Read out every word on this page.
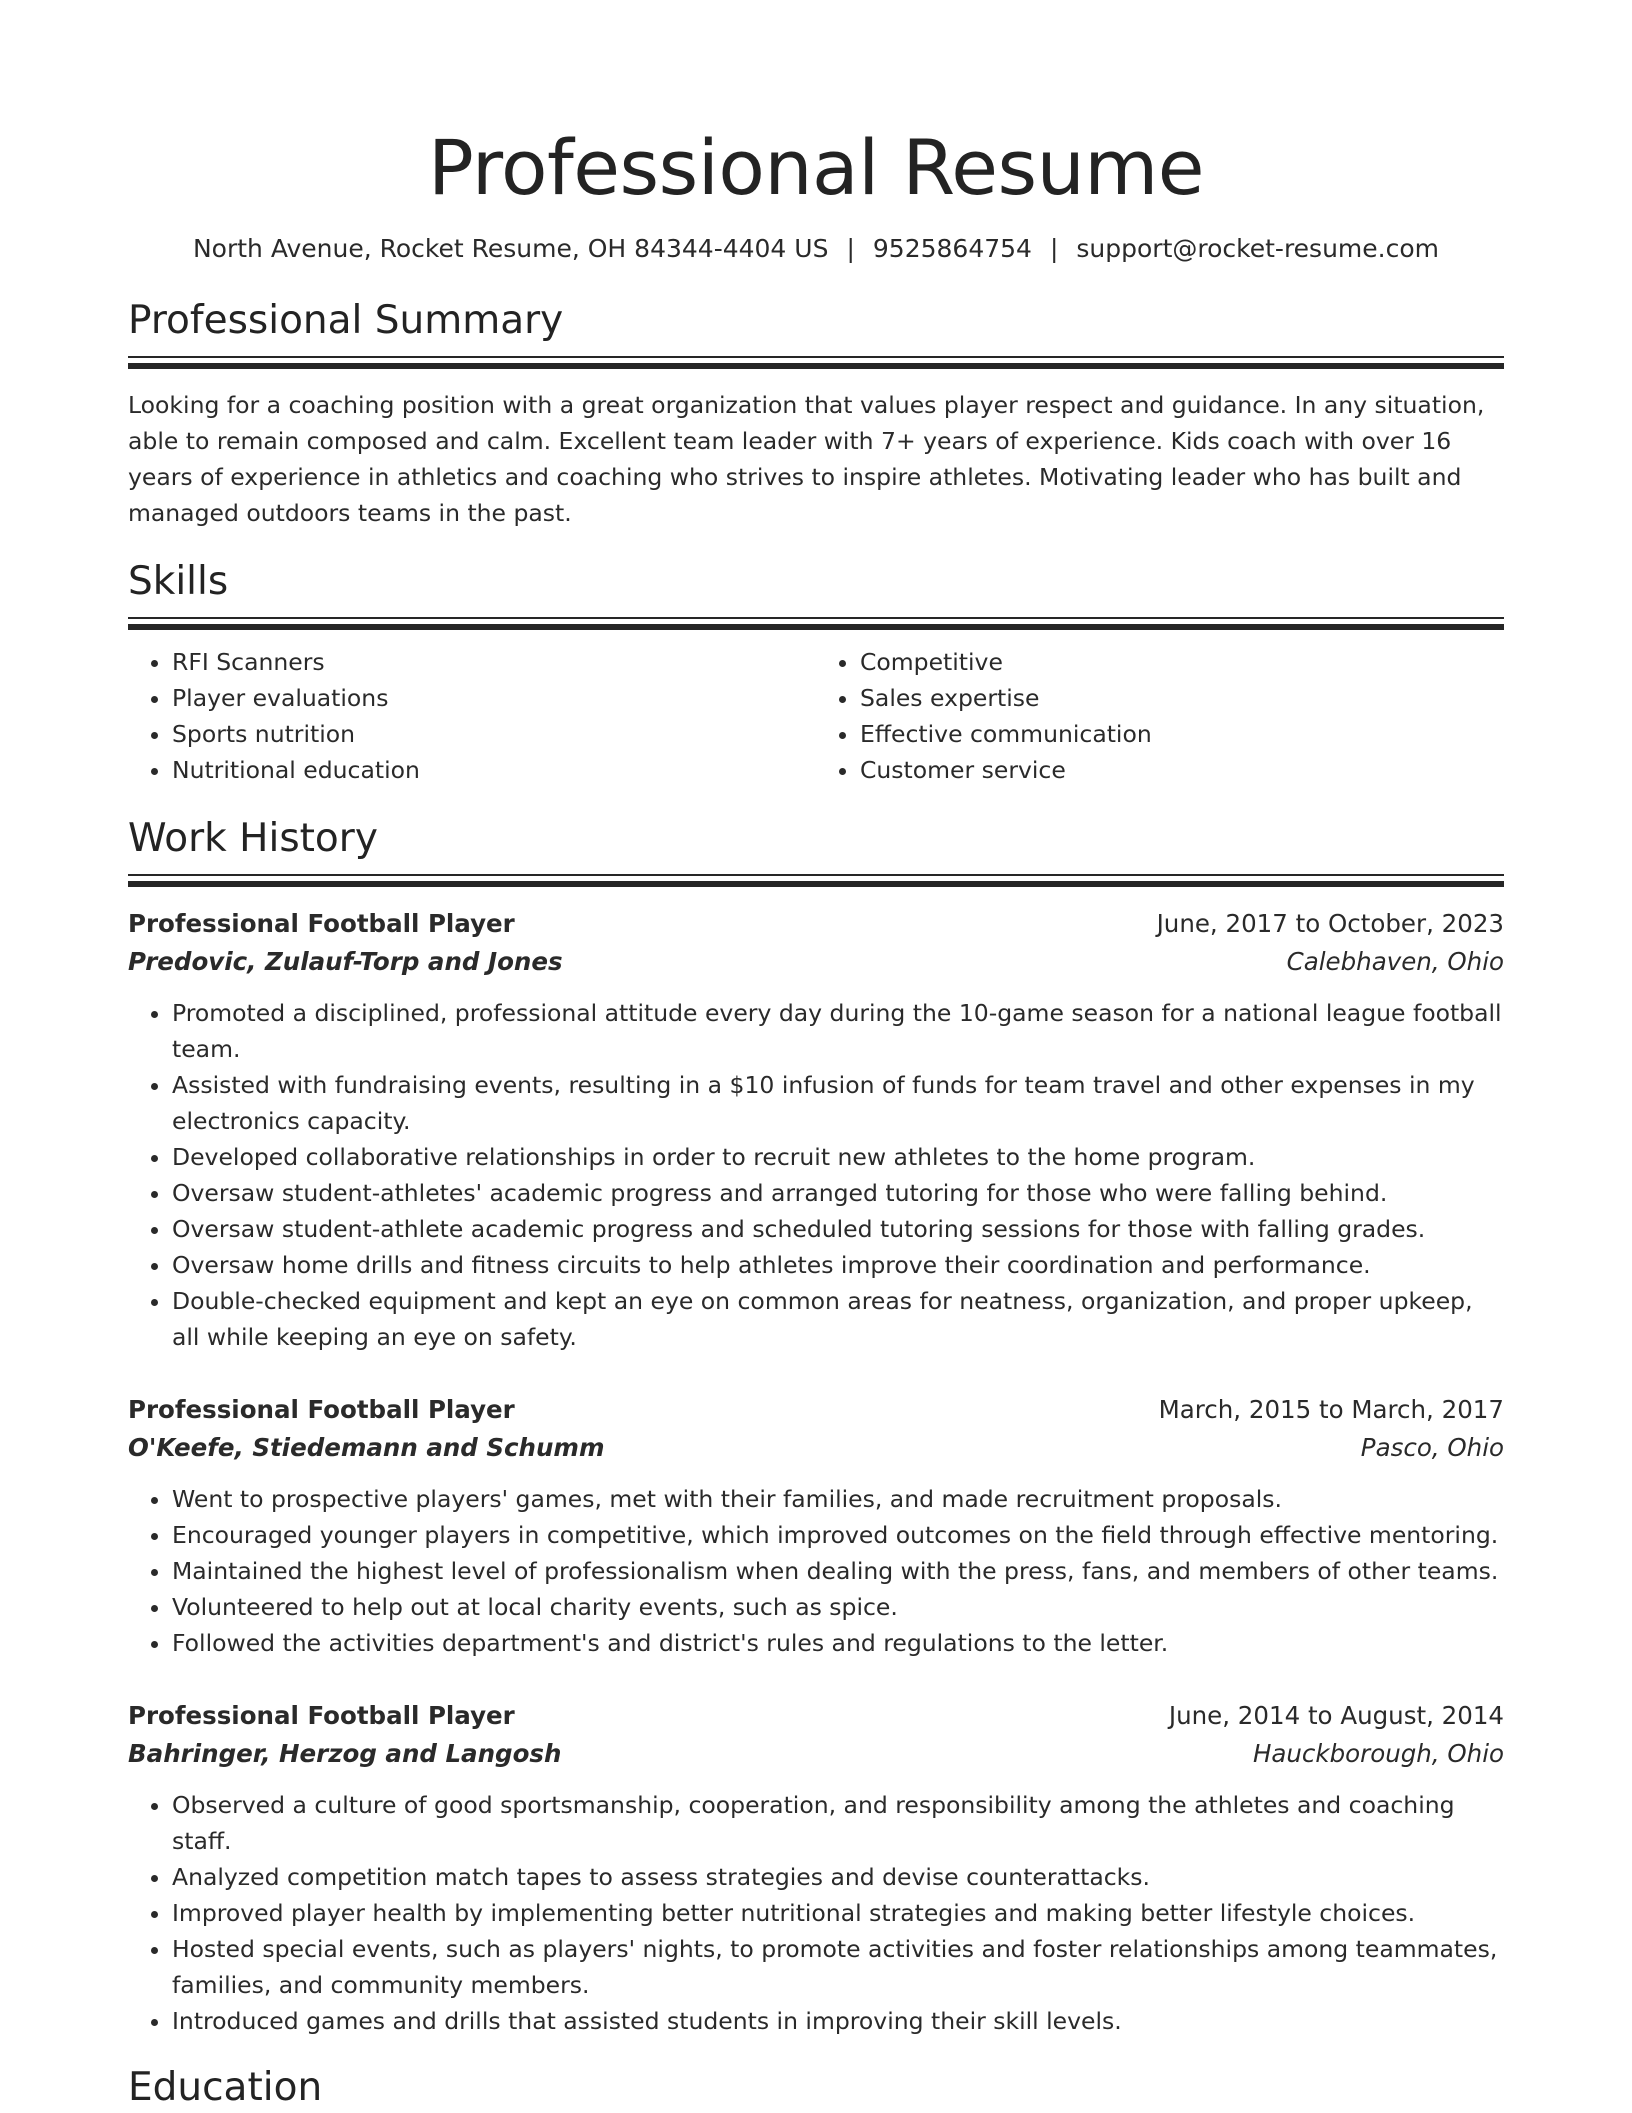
Professional Resume
North Avenue, Rocket Resume, OH 84344-4404 US | 9525864754 | support@rocket-resume.com
Professional Summary

Looking for a coaching position with a great organization that values player respect and guidance. In any situation, able to remain composed and calm. Excellent team leader with 7+ years of experience. Kids coach with over 16 years of experience in athletics and coaching who strives to inspire athletes. Motivating leader who has built and managed outdoors teams in the past.

Skills
• RFI Scanners
• Player evaluations
• Sports nutrition
• Nutritional education
• Competitive
• Sales expertise
• Effective communication
• Customer service
Work History
Professional Football Player	June, 2017 to October, 2023
Predovic, Zulauf-Torp and Jones	Calebhaven, Ohio
• Promoted a disciplined, professional attitude every day during the 10-game season for a national league football team.
• Assisted with fundraising events, resulting in a $10 infusion of funds for team travel and other expenses in my electronics capacity.
• Developed collaborative relationships in order to recruit new athletes to the home program.
• Oversaw student-athletes' academic progress and arranged tutoring for those who were falling behind.
• Oversaw student-athlete academic progress and scheduled tutoring sessions for those with falling grades.
• Oversaw home drills and fitness circuits to help athletes improve their coordination and performance.
• Double-checked equipment and kept an eye on common areas for neatness, organization, and proper upkeep, all while keeping an eye on safety.
Professional Football Player	March, 2015 to March, 2017
O'Keefe, Stiedemann and Schumm	Pasco, Ohio
• Went to prospective players' games, met with their families, and made recruitment proposals.
• Encouraged younger players in competitive, which improved outcomes on the field through effective mentoring.
• Maintained the highest level of professionalism when dealing with the press, fans, and members of other teams.
• Volunteered to help out at local charity events, such as spice.
• Followed the activities department's and district's rules and regulations to the letter.
Professional Football Player	June, 2014 to August, 2014
Bahringer, Herzog and Langosh	Hauckborough, Ohio
• Observed a culture of good sportsmanship, cooperation, and responsibility among the athletes and coaching staff.
• Analyzed competition match tapes to assess strategies and devise counterattacks.
• Improved player health by implementing better nutritional strategies and making better lifestyle choices.
• Hosted special events, such as players' nights, to promote activities and foster relationships among teammates, families, and community members.
• Introduced games and drills that assisted students in improving their skill levels.
Education
